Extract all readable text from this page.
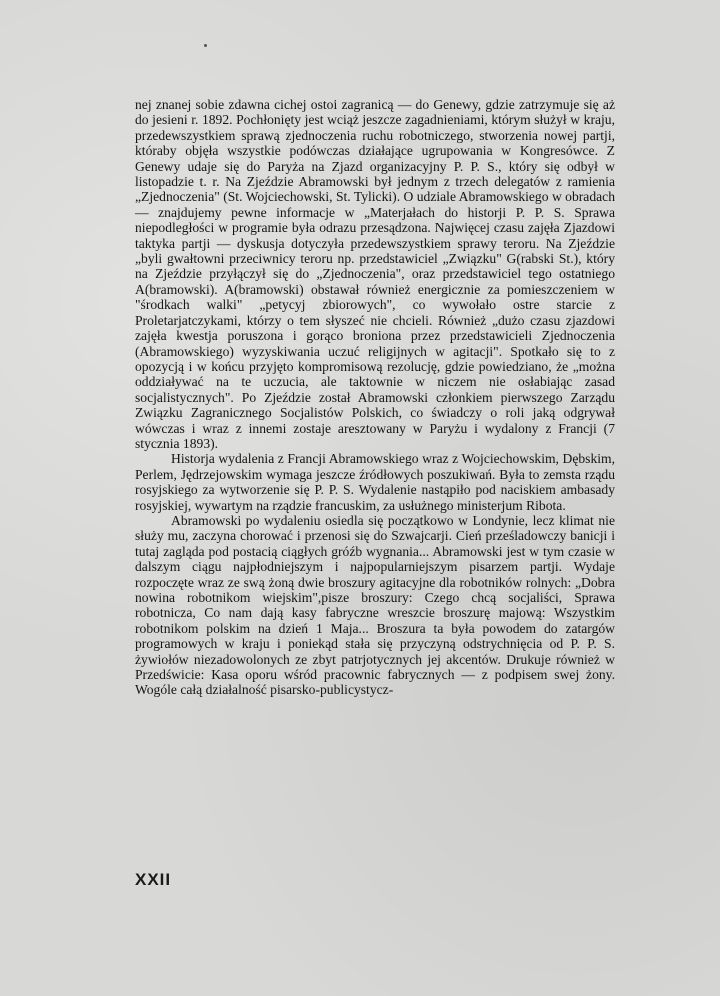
nej znanej sobie zdawna cichej ostoi zagranicą — do Genewy, gdzie zatrzymuje się aż do jesieni r. 1892. Pochłonięty jest wciąż jeszcze zagadnieniami, którym służył w kraju, przedewszystkiem sprawą zjednoczenia ruchu robotniczego, stworzenia nowej partji, któraby objęła wszystkie podówczas działające ugrupowania w Kongresówce. Z Genewy udaje się do Paryża na Zjazd organizacyjny P. P. S., który się odbył w listopadzie t. r. Na Zjeździe Abramowski był jednym z trzech delegatów z ramienia „Zjednoczenia" (St. Wojciechowski, St. Tylicki). O udziale Abramowskiego w obradach — znajdujemy pewne informacje w „Materjałach do historji P. P. S. Sprawa niepodległości w programie była odrazu przesądzona. Najwięcej czasu zajęła Zjazdowi taktyka partji — dyskusja dotyczyła przedewszystkiem sprawy teroru. Na Zjeździe „byli gwałtowni przeciwnicy teroru np. przedstawiciel „Związku" G(rabski St.), który na Zjeździe przyłączył się do „Zjednoczenia", oraz przedstawiciel tego ostatniego A(bramowski). A(bramowski) obstawał również energicznie za pomieszczeniem w "środkach walki" „petycyj zbiorowych", co wywołało ostre starcie z Proletarjatczykami, którzy o tem słyszeć nie chcieli. Również „dużo czasu zjazdowi zajęła kwestja poruszona i gorąco broniona przez przedstawicieli Zjednoczenia (Abramowskiego) wyzyskiwania uczuć religijnych w agitacji". Spotkało się to z opozycją i w końcu przyjęto kompromisową rezolucję, gdzie powiedziano, że „można oddziaływać na te uczucia, ale taktownie w niczem nie osłabiając zasad socjalistycznych". Po Zjeździe został Abramowski członkiem pierwszego Zarządu Związku Zagranicznego Socjalistów Polskich, co świadczy o roli jaką odgrywał wówczas i wraz z innemi zostaje aresztowany w Paryżu i wydalony z Francji (7 stycznia 1893).

Historja wydalenia z Francji Abramowskiego wraz z Wojciechowskim, Dębskim, Perlem, Jędrzejowskim wymaga jeszcze źródłowych poszukiwań. Była to zemsta rządu rosyjskiego za wytworzenie się P. P. S. Wydalenie nastąpiło pod naciskiem ambasady rosyjskiej, wywartym na rządzie francuskim, za usłużnego ministerjum Ribota.

Abramowski po wydaleniu osiedla się początkowo w Londynie, lecz klimat nie służy mu, zaczyna chorować i przenosi się do Szwajcarji. Cień prześladowczy banicji i tutaj zagląda pod postacią ciągłych gróźb wygnania... Abramowski jest w tym czasie w dalszym ciągu najpłodniejszym i najpopularniejszym pisarzem partji. Wydaje rozpoczęte wraz ze swą żoną dwie broszury agitacyjne dla robotników rolnych: „Dobra nowina robotnikom wiejskim",pisze broszury: Czego chcą socjaliści, Sprawa robotnicza, Co nam dają kasy fabryczne wreszcie broszurę majową: Wszystkim robotnikom polskim na dzień 1 Maja... Broszura ta była powodem do zatargów programowych w kraju i poniekąd stała się przyczyną odstrychnięcia od P. P. S. żywiołów niezadowolonych ze zbyt patrjotycznych jej akcentów. Drukuje również w Przedświcie: Kasa oporu wśród pracownic fabrycznych — z podpisem swej żony. Wogóle całą działalność pisarsko-publicystycz-

XXII
